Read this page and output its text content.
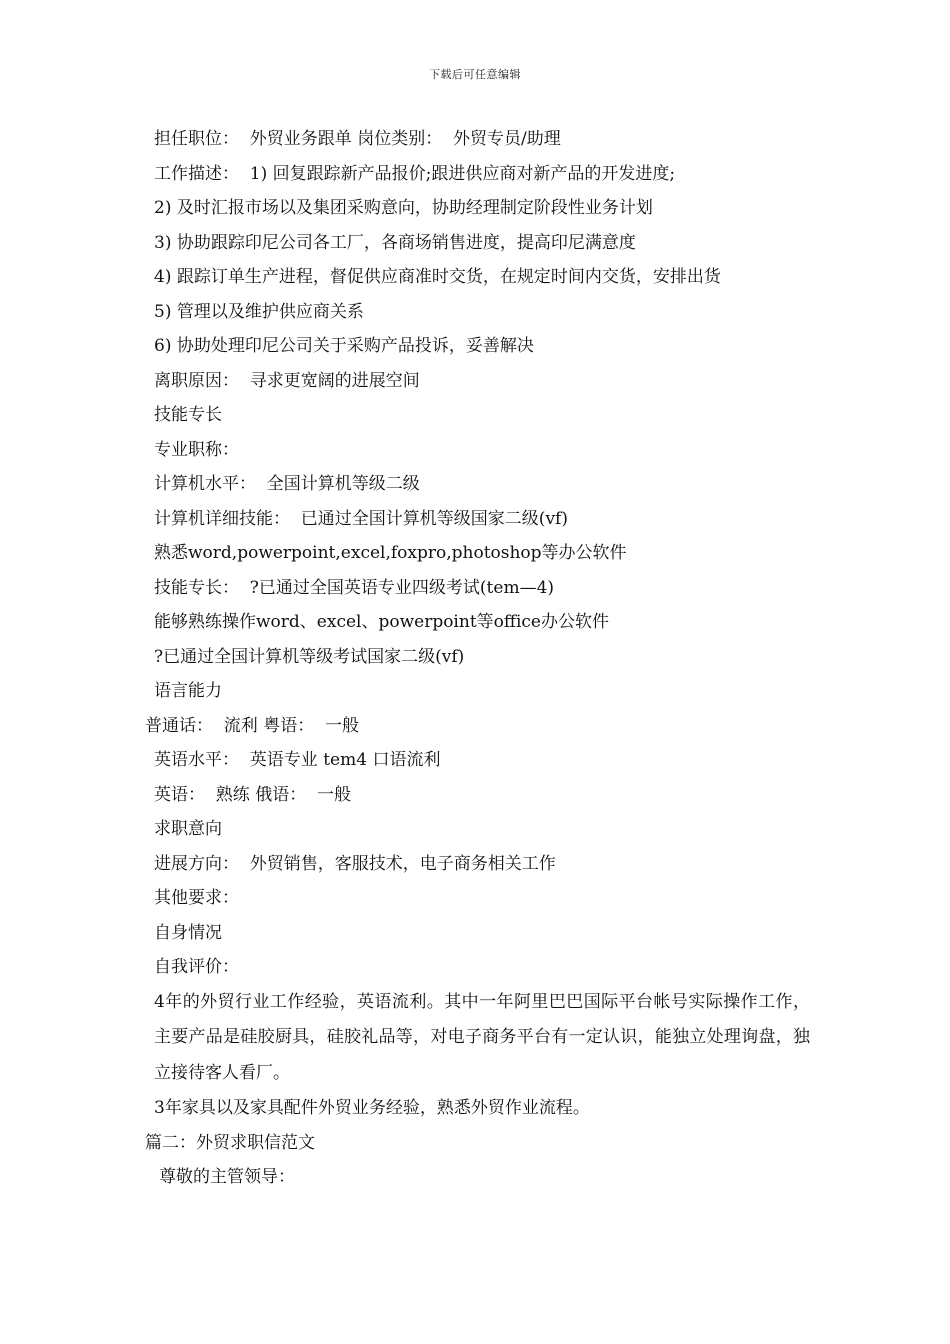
下载后可任意编辑
担任职位：  外贸业务跟单 岗位类别：  外贸专员/助理
工作描述：  1) 回复跟踪新产品报价;跟进供应商对新产品的开发进度;
2) 及时汇报市场以及集团采购意向，协助经理制定阶段性业务计划
3) 协助跟踪印尼公司各工厂，各商场销售进度，提高印尼满意度
4) 跟踪订单生产进程，督促供应商准时交货，在规定时间内交货，安排出货
5) 管理以及维护供应商关系
6) 协助处理印尼公司关于采购产品投诉，妥善解决
离职原因：  寻求更宽阔的进展空间
技能专长
专业职称：
计算机水平：  全国计算机等级二级
计算机详细技能：  已通过全国计算机等级国家二级(vf)
熟悉word,powerpoint,excel,foxpro,photoshop等办公软件
技能专长：  ?已通过全国英语专业四级考试(tem—4)
能够熟练操作word、excel、powerpoint等office办公软件
?已通过全国计算机等级考试国家二级(vf)
语言能力
普通话：  流利 粤语：  一般
英语水平：  英语专业 tem4 口语流利
英语：  熟练 俄语：  一般
求职意向
进展方向：  外贸销售，客服技术，电子商务相关工作
其他要求：
自身情况
自我评价：
4年的外贸行业工作经验，英语流利。其中一年阿里巴巴国际平台帐号实际操作工作，主要产品是硅胶厨具，硅胶礼品等，对电子商务平台有一定认识，能独立处理询盘，独立接待客人看厂。
3年家具以及家具配件外贸业务经验，熟悉外贸作业流程。
篇二：外贸求职信范文
尊敬的主管领导：
